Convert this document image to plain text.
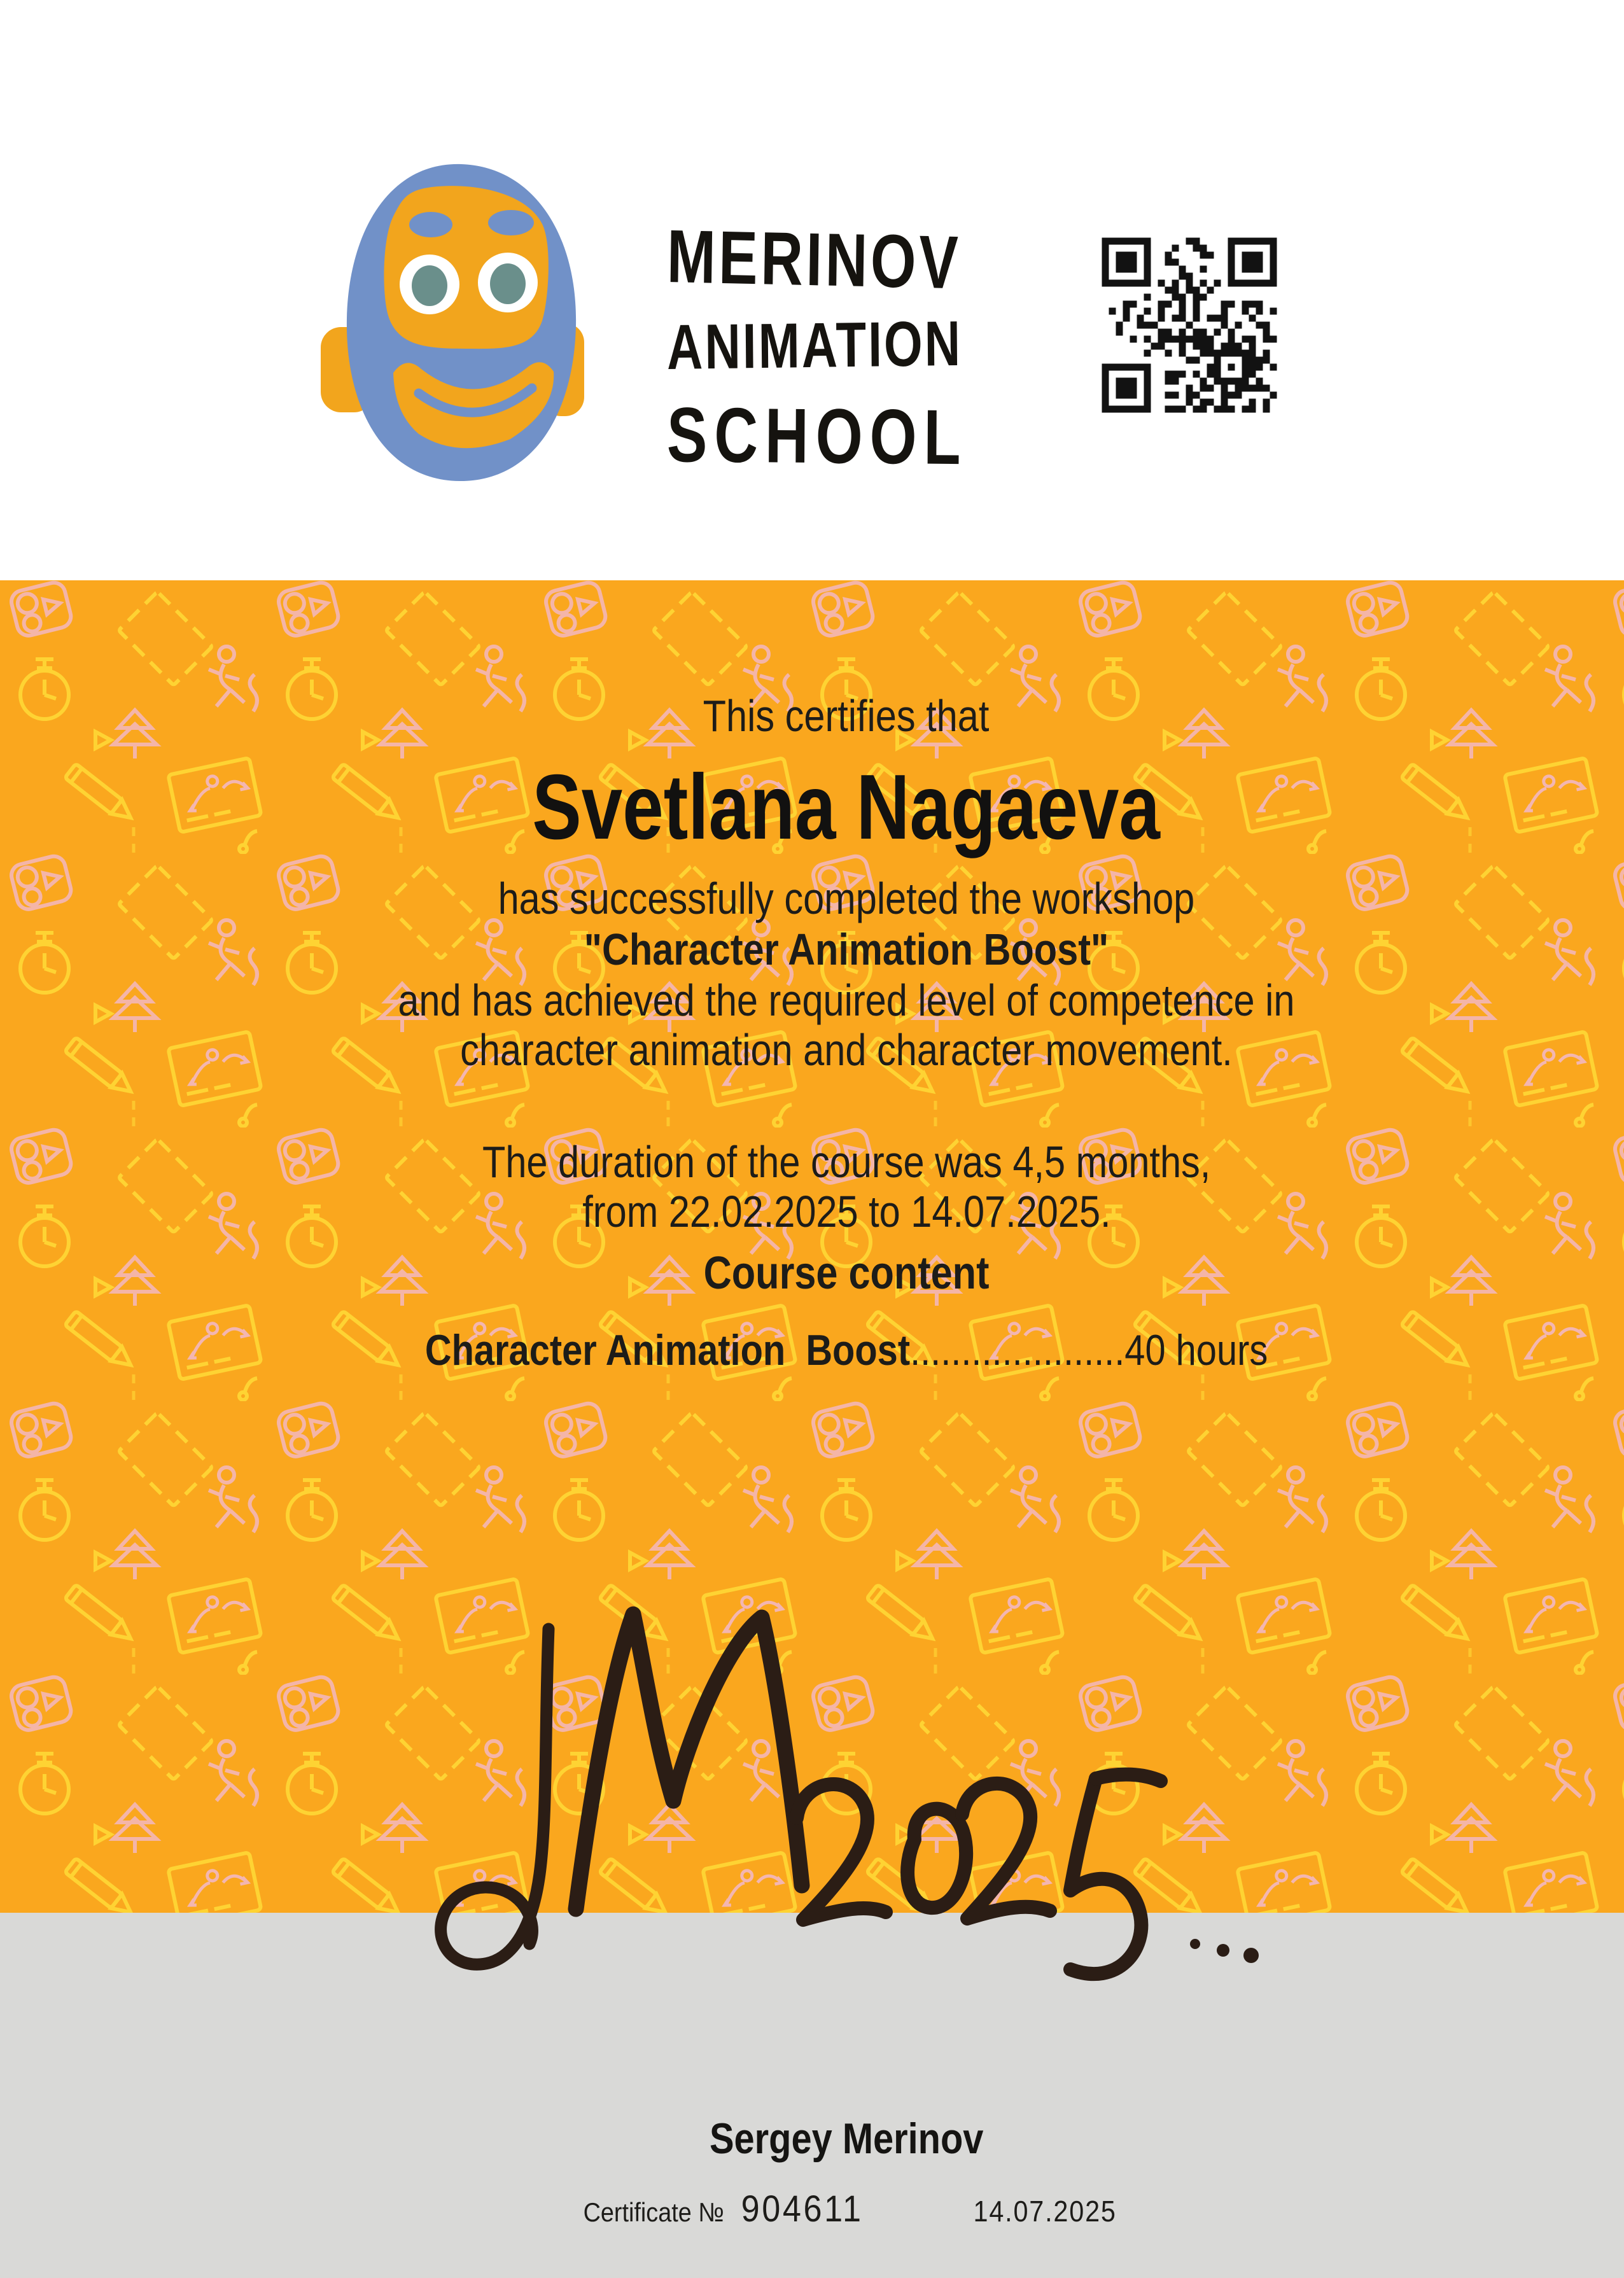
MERINOV
ANIMATION
SCHOOL
This certifies that
Svetlana Nagaeva
has successfully completed the workshop
"Character Animation Boost"
and has achieved the required level of competence in
character animation and character movement.
The duration of the course was 4,5 months,
from 22.02.2025 to 14.07.2025.
Course content
Character Animation  Boost.....................40 hours
Sergey Merinov
Certificate № 904611	14.07.2025
